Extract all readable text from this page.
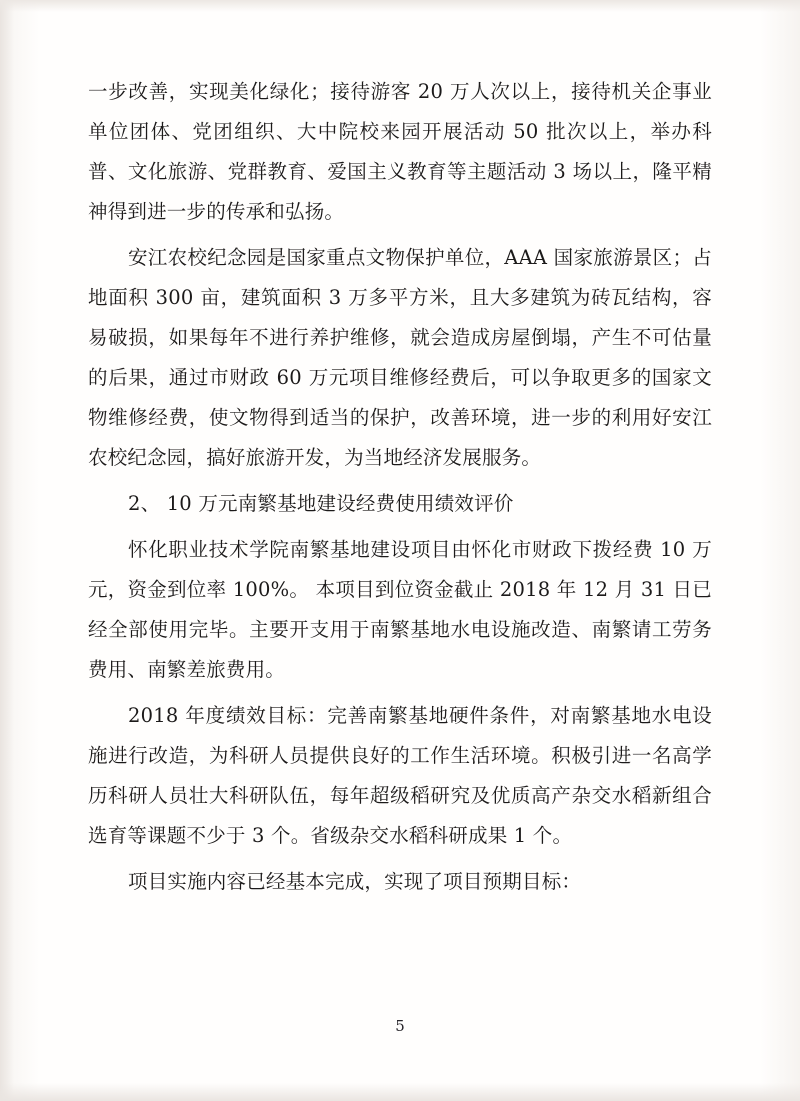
一步改善，实现美化绿化；接待游客 20 万人次以上，接待机关企事业单位团体、党团组织、大中院校来园开展活动 50 批次以上，举办科普、文化旅游、党群教育、爱国主义教育等主题活动 3 场以上，隆平精神得到进一步的传承和弘扬。

安江农校纪念园是国家重点文物保护单位，AAA 国家旅游景区；占地面积 300 亩，建筑面积 3 万多平方米，且大多建筑为砖瓦结构，容易破损，如果每年不进行养护维修，就会造成房屋倒塌，产生不可估量的后果，通过市财政 60 万元项目维修经费后，可以争取更多的国家文物维修经费，使文物得到适当的保护，改善环境，进一步的利用好安江农校纪念园，搞好旅游开发，为当地经济发展服务。

2、 10 万元南繁基地建设经费使用绩效评价

怀化职业技术学院南繁基地建设项目由怀化市财政下拨经费 10 万元，资金到位率 100%。 本项目到位资金截止 2018 年 12 月 31 日已经全部使用完毕。主要开支用于南繁基地水电设施改造、南繁请工劳务费用、南繁差旅费用。

2018 年度绩效目标：完善南繁基地硬件条件，对南繁基地水电设施进行改造，为科研人员提供良好的工作生活环境。积极引进一名高学历科研人员壮大科研队伍，每年超级稻研究及优质高产杂交水稻新组合选育等课题不少于 3 个。省级杂交水稻科研成果 1 个。

项目实施内容已经基本完成，实现了项目预期目标：

5
